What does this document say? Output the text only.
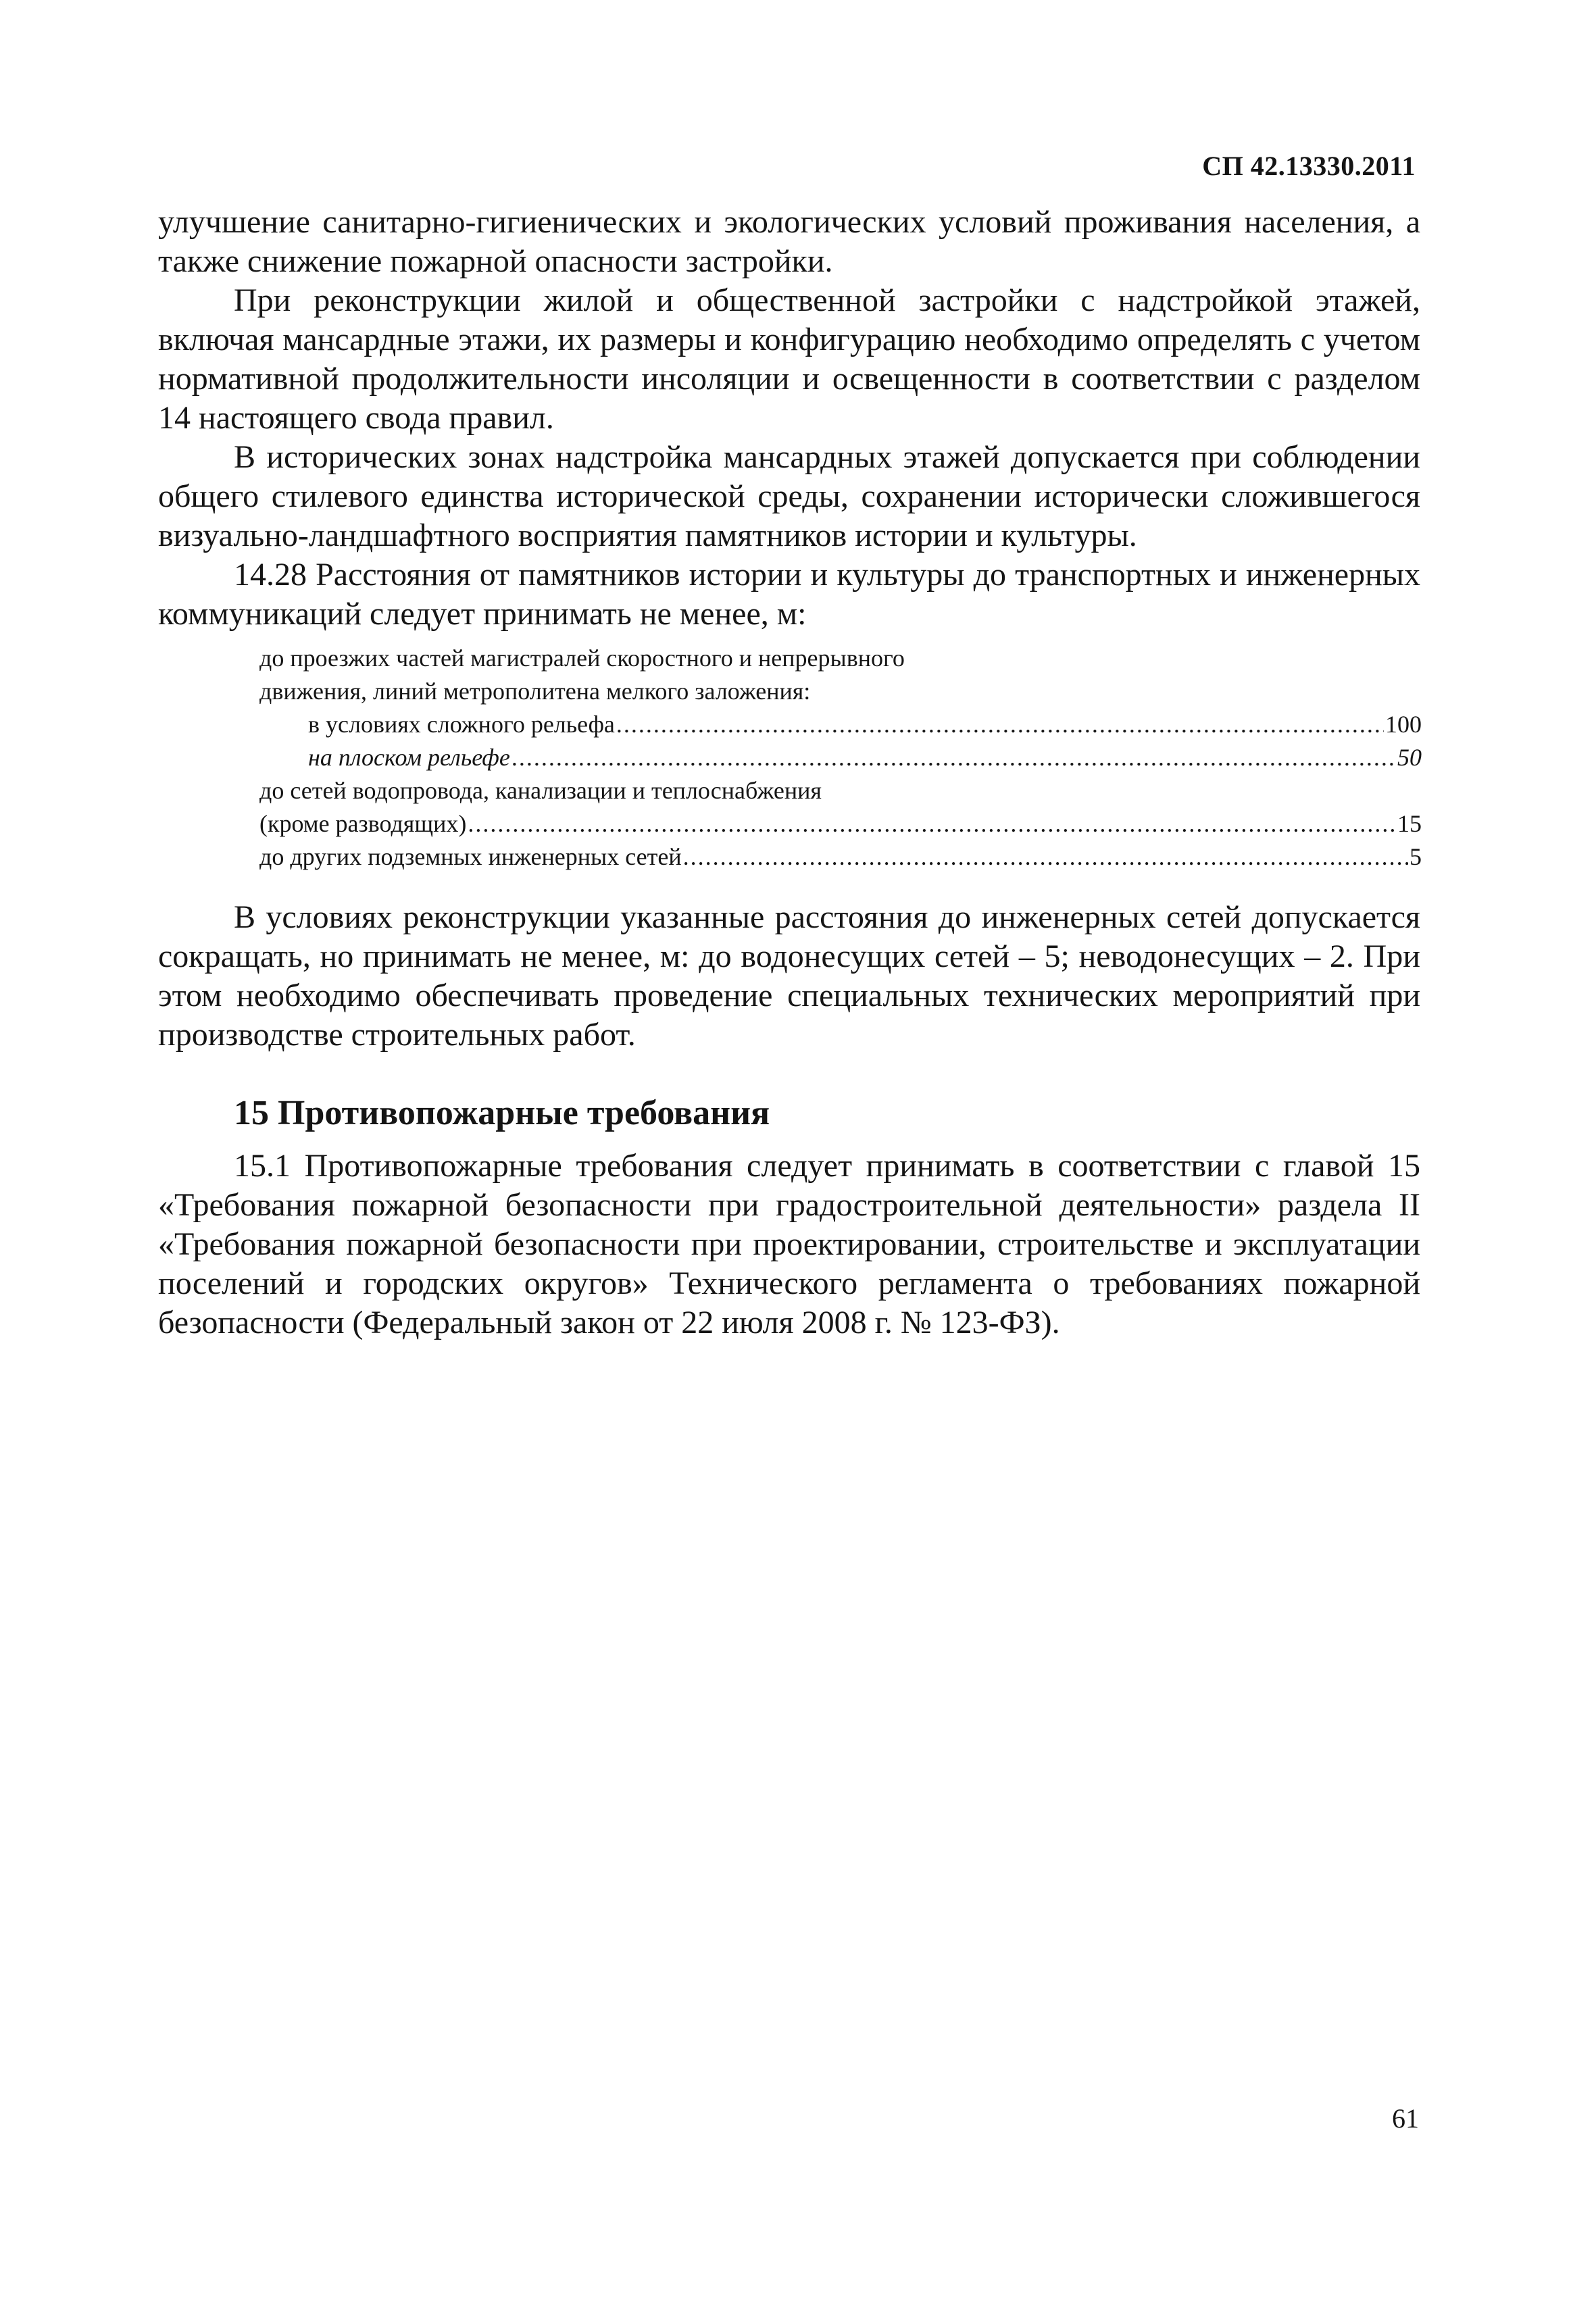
СП 42.13330.2011

улучшение санитарно-гигиенических и экологических условий проживания населения, а также снижение пожарной опасности застройки.

При реконструкции жилой и общественной застройки с надстройкой этажей, включая мансардные этажи, их размеры и конфигурацию необходимо определять с учетом нормативной продолжительности инсоляции и освещенности в соответствии с разделом 14 настоящего свода правил.

В исторических зонах надстройка мансардных этажей допускается при соблюдении общего стилевого единства исторической среды, сохранении исторически сложившегося визуально-ландшафтного восприятия памятников истории и культуры.

14.28 Расстояния от памятников истории и культуры до транспортных и инженерных коммуникаций следует принимать не менее, м:

до проезжих частей магистралей скоростного и непрерывного
движения, линий метрополитена мелкого заложения:
в условиях сложного рельефа .....	100
на плоском рельефе .....	50
до сетей водопровода, канализации и теплоснабжения
(кроме разводящих) .....	15
до других подземных инженерных сетей .....	5

В условиях реконструкции указанные расстояния до инженерных сетей допускается сокращать, но принимать не менее, м: до водонесущих сетей – 5; неводонесущих – 2. При этом необходимо обеспечивать проведение специальных технических мероприятий при производстве строительных работ.

15 Противопожарные требования

15.1 Противопожарные требования следует принимать в соответствии с главой 15 «Требования пожарной безопасности при градостроительной деятельности» раздела II «Требования пожарной безопасности при проектировании, строительстве и эксплуатации поселений и городских округов» Технического регламента о требованиях пожарной безопасности (Федеральный закон от 22 июля 2008 г. № 123-ФЗ).

61
